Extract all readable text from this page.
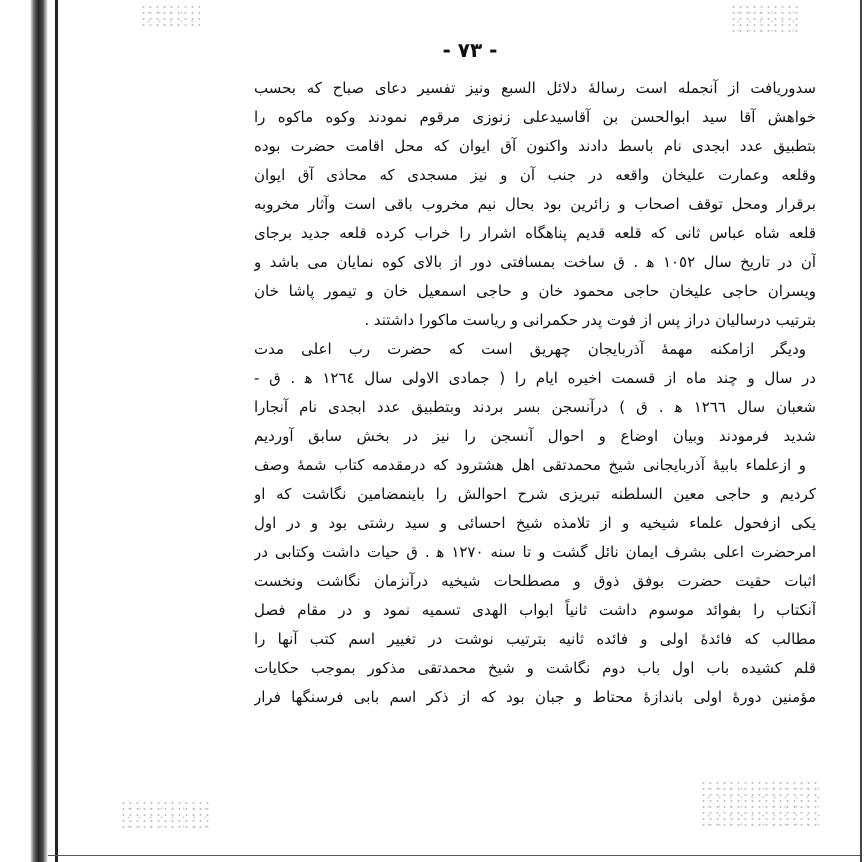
- ٧٣ -
سدوریافت از آنجمله است رسالهٔ دلائل السبع ونیز تفسیر دعای صباح که بحسب
خواهش آقا سید ابوالحسن بن آقاسیدعلی زنوزی مرقوم نمودند وکوه ماکوه را
بتطبیق عدد ابجدی نام باسط دادند واکنون آق ایوان که محل اقامت حضرت بوده
وقلعه وعمارت علیخان واقعه در جنب آن و نیز مسجدی که محاذی آق ایوان
برقرار ومحل توقف اصحاب و زائرین بود بحال نیم مخروب باقی است وآثار مخروبه
قلعه شاه عباس ثانی که قلعه قدیم پناهگاه اشرار را خراب کرده قلعه جدید برجای
آن در تاریخ سال ١٠٥٢ ﻫ . ق ساخت بمسافتی دور از بالای کوه نمایان می باشد و
ویسران حاجی علیخان حاجی محمود خان و حاجی اسمعیل خان و تیمور پاشا خان
بترتیب درسالیان دراز پس از فوت پدر حکمرانی و ریاست ماکورا داشتند .
ودیگر ازامکنه مهمهٔ آذربایجان چهریق است که حضرت رب اعلی مدت
در سال و چند ماه از قسمت اخیره ایام را ( جمادی الاولی سال ١٢٦٤ ﻫ . ق -
شعبان سال ١٢٦٦ ﻫ . ق ) درآنسجن بسر بردند وبتطبیق عدد ابجدی نام آنجارا
شدید فرمودند وبیان اوضاع و احوال آنسجن را نیز در بخش سابق آوردیم
و ازعلماء بابیهٔ آذربایجانی شیخ محمدتقی اهل هشترود که درمقدمه کتاب شمهٔ وصف
کردیم و حاجی معین السلطنه تبریزی شرح احوالش را باینمضامین نگاشت که او
یکی ازفحول علماء شیخیه و از تلامذه شیخ احسائی و سید رشتی بود و در اول
امرحضرت اعلی بشرف ایمان نائل گشت و تا سنه ١٢٧٠ ﻫ . ق حیات داشت وکتابی در
اثبات حقیت حضرت بوفق ذوق و مصطلحات شیخیه درآنزمان نگاشت ونخست
آنکتاب را بفوائد موسوم داشت ثانیاً ابواب الهدی تسمیه نمود و در مقام فصل
مطالب که فائدهٔ اولی و فائده ثانیه بترتیب نوشت در تغییر اسم کتب آنها را
قلم کشیده باب اول باب دوم نگاشت و شیخ محمدتقی مذکور بموجب حکایات
مؤمنین دورهٔ اولی باندازهٔ محتاط و جبان بود که از ذکر اسم بابی فرسنگها فرار
